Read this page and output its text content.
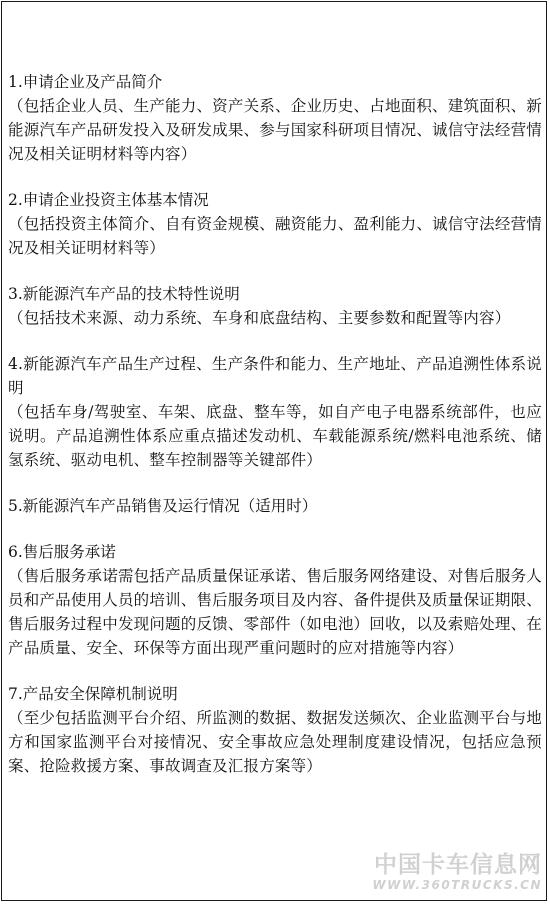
1.申请企业及产品简介

（包括企业人员、生产能力、资产关系、企业历史、占地面积、建筑面积、新能源汽车产品研发投入及研发成果、参与国家科研项目情况、诚信守法经营情况及相关证明材料等内容）

2.申请企业投资主体基本情况

（包括投资主体简介、自有资金规模、融资能力、盈利能力、诚信守法经营情况及相关证明材料等）

3.新能源汽车产品的技术特性说明

（包括技术来源、动力系统、车身和底盘结构、主要参数和配置等内容）

4.新能源汽车产品生产过程、生产条件和能力、生产地址、产品追溯性体系说明

（包括车身/驾驶室、车架、底盘、整车等，如自产电子电器系统部件，也应说明。产品追溯性体系应重点描述发动机、车载能源系统/燃料电池系统、储氢系统、驱动电机、整车控制器等关键部件）

5.新能源汽车产品销售及运行情况（适用时）

6.售后服务承诺

（售后服务承诺需包括产品质量保证承诺、售后服务网络建设、对售后服务人员和产品使用人员的培训、售后服务项目及内容、备件提供及质量保证期限、售后服务过程中发现问题的反馈、零部件（如电池）回收，以及索赔处理、在产品质量、安全、环保等方面出现严重问题时的应对措施等内容）

7.产品安全保障机制说明

（至少包括监测平台介绍、所监测的数据、数据发送频次、企业监测平台与地方和国家监测平台对接情况、安全事故应急处理制度建设情况，包括应急预案、抢险救援方案、事故调查及汇报方案等）

中国卡车信息网
WWW.360TRUCKS.CN
